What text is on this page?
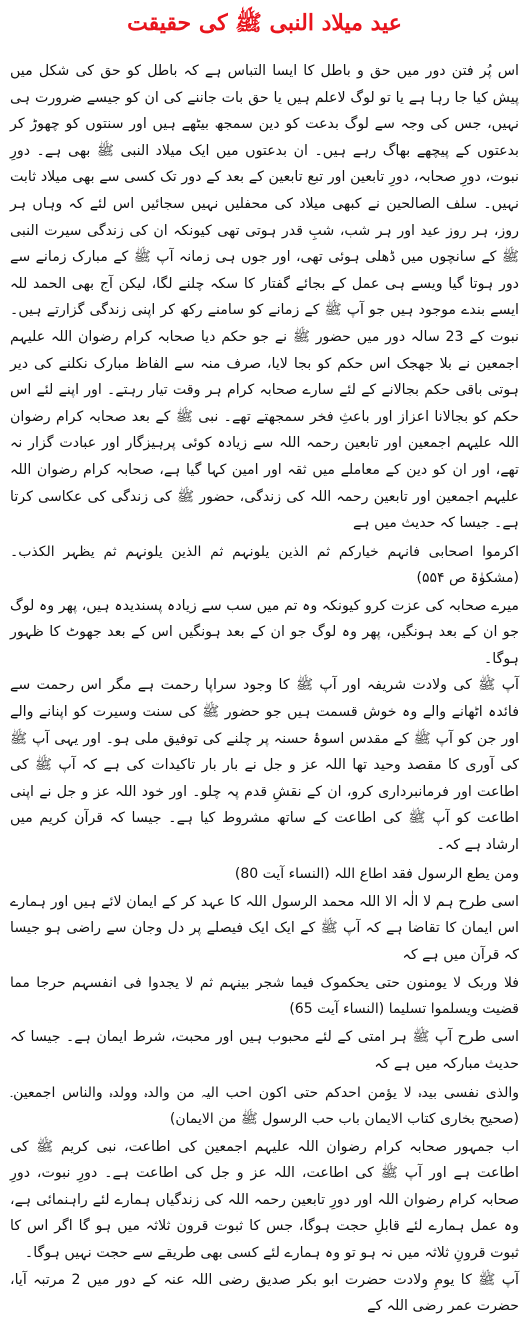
عید میلاد النبی ﷺ کی حقیقت

اس پُر فتن دور میں حق و باطل کا ایسا التباس ہے کہ باطل کو حق کی شکل میں پیش کیا جا رہا ہے یا تو لوگ لاعلم ہیں یا حق بات جاننے کی ان کو جیسے ضرورت ہی نہیں، جس کی وجہ سے لوگ بدعت کو دین سمجھ بیٹھے ہیں اور سنتوں کو چھوڑ کر بدعتوں کے پیچھے بھاگ رہے ہیں۔ ان بدعتوں میں ایک میلاد النبی ﷺ بھی ہے۔ دورِ نبوت، دورِ صحابہ، دورِ تابعین اور تبع تابعین کے بعد کے دور تک کسی سے بھی میلاد ثابت نہیں۔ سلف الصالحین نے کبھی میلاد کی محفلیں نہیں سجائیں اس لئے کہ وہاں ہر روز، ہر روز عید اور ہر شب، شبِ قدر ہوتی تھی کیونکہ ان کی زندگی سیرت النبی ﷺ کے سانچوں میں ڈھلی ہوئی تھی، اور جوں ہی زمانہ آپ ﷺ کے مبارک زمانے سے دور ہوتا گیا ویسے ہی عمل کے بجائے گفتار کا سکہ چلنے لگا، لیکن آج بھی الحمد للہ ایسے بندے موجود ہیں جو آپ ﷺ کے زمانے کو سامنے رکھ کر اپنی زندگی گزارتے ہیں۔ نبوت کے 23 سالہ دور میں حضور ﷺ نے جو حکم دیا صحابہ کرام رضوان اللہ علیہم اجمعین نے بلا جھجک اس حکم کو بجا لایا، صرف منہ سے الفاظ مبارک نکلنے کی دیر ہوتی باقی حکم بجالانے کے لئے سارے صحابہ کرام ہر وقت تیار رہتے۔ اور اپنے لئے اس حکم کو بجالانا اعزاز اور باعثِ فخر سمجھتے تھے۔ نبی ﷺ کے بعد صحابہ کرام رضوان اللہ علیہم اجمعین اور تابعین رحمہ اللہ سے زیادہ کوئی پرہیزگار اور عبادت گزار نہ تھے، اور ان کو دین کے معاملے میں ثقہ اور امین کہا گیا ہے، صحابہ کرام رضوان اللہ علیہم اجمعین اور تابعین رحمہ اللہ کی زندگی، حضور ﷺ کی زندگی کی عکاسی کرتا ہے۔ جیسا کہ حدیث میں ہے

اکرموا اصحابی فانہم خیارکم ثم الذین یلونہم ثم الذین یلونہم ثم یظہر الکذب۔ (مشکوٰۃ ص ۵۵۴)

میرے صحابہ کی عزت کرو کیونکہ وہ تم میں سب سے زیادہ پسندیدہ ہیں، پھر وہ لوگ جو ان کے بعد ہونگیں، پھر وہ لوگ جو ان کے بعد ہونگیں اس کے بعد جھوٹ کا ظہور ہوگا۔

آپ ﷺ کی ولادت شریفہ اور آپ ﷺ کا وجود سراپا رحمت ہے مگر اس رحمت سے فائدہ اٹھانے والے وہ خوش قسمت ہیں جو حضور ﷺ کی سنت وسیرت کو اپنانے والے اور جن کو آپ ﷺ کے مقدس اسوۂ حسنہ پر چلنے کی توفیق ملی ہو۔ اور یہی آپ ﷺ کی آوری کا مقصد وحید تھا اللہ عز و جل نے بار بار تاکیدات کی ہے کہ آپ ﷺ کی اطاعت اور فرمانبرداری کرو، ان کے نقشِ قدم پہ چلو۔ اور خود اللہ عز و جل نے اپنی اطاعت کو آپ ﷺ کی اطاعت کے ساتھ مشروط کیا ہے۔ جیسا کہ قرآن کریم میں ارشاد ہے کہ۔

ومن یطع الرسول فقد اطاع اللہ (النساء آیت 80)

اسی طرح ہم لا الٰہ الا اللہ محمد الرسول اللہ کا عہد کر کے ایمان لائے ہیں اور ہمارے اس ایمان کا تقاضا ہے کہ آپ ﷺ کے ایک ایک فیصلے پر دل وجان سے راضی ہو جیسا کہ قرآن میں ہے کہ

فلا وربک لا یومنون حتی یحکموک فیما شجر بینہم ثم لا یجدوا فی انفسہم حرجا مما قضیت ویسلموا تسلیما (النساء آیت 65)

اسی طرح آپ ﷺ ہر امتی کے لئے محبوب ہیں اور محبت، شرط ایمان ہے۔ جیسا کہ حدیث مبارکہ میں ہے کہ

والذی نفسی بیدہ لا یؤمن احدکم حتی اکون احب الیہ من والدہ وولدہ والناس اجمعین۔ (صحیح بخاری کتاب الایمان باب حب الرسول ﷺ من الایمان)

اب جمہور صحابہ کرام رضوان اللہ علیہم اجمعین کی اطاعت، نبی کریم ﷺ کی اطاعت ہے اور آپ ﷺ کی اطاعت، اللہ عز و جل کی اطاعت ہے۔ دورِ نبوت، دورِ صحابہ کرام رضوان اللہ اور دورِ تابعین رحمہ اللہ کی زندگیاں ہمارے لئے راہنمائی ہے، وہ عمل ہمارے لئے قابلِ حجت ہوگا، جس کا ثبوت قرون ثلاثہ میں ہو گا اگر اس کا ثبوت قرونِ ثلاثہ میں نہ ہو تو وہ ہمارے لئے کسی بھی طریقے سے حجت نہیں ہوگا۔

آپ ﷺ کا یومِ ولادت حضرت ابو بکر صدیق رضی اللہ عنہ کے دور میں 2 مرتبہ آیا، حضرت عمر رضی اللہ کے
